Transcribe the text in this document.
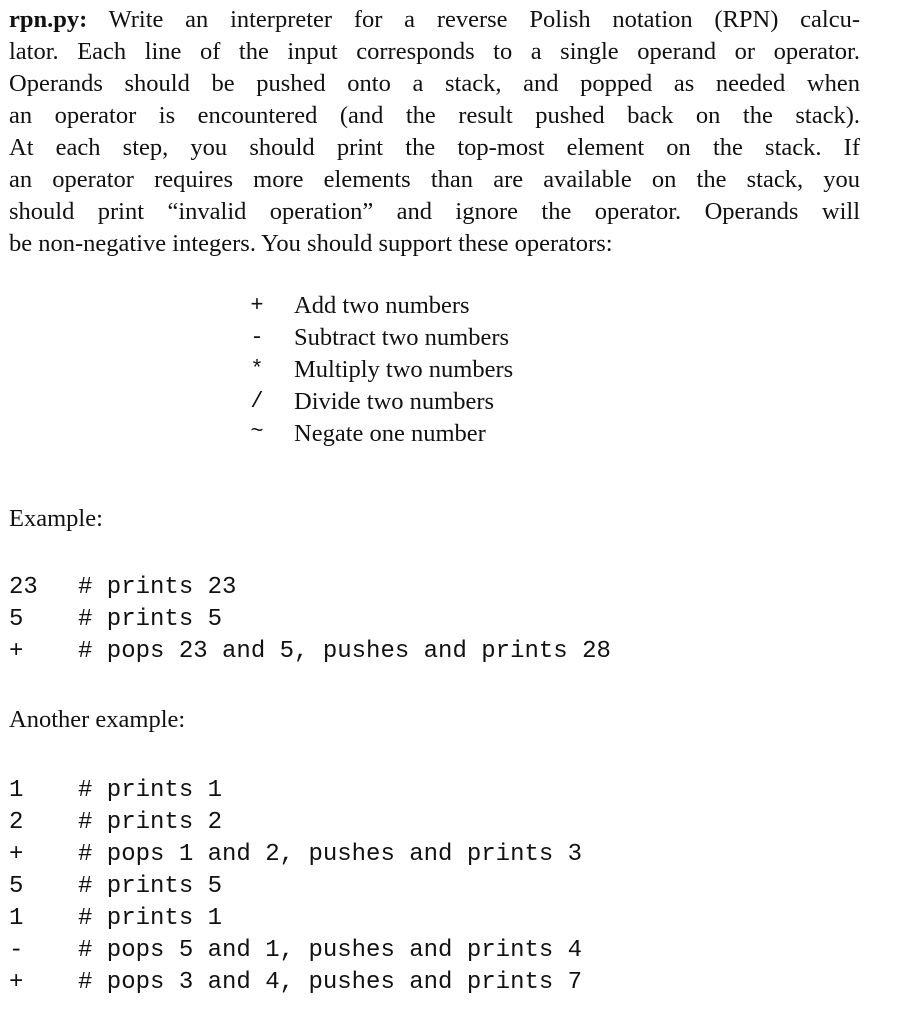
rpn.py: Write an interpreter for a reverse Polish notation (RPN) calcu-
lator. Each line of the input corresponds to a single operand or operator.
Operands should be pushed onto a stack, and popped as needed when
an operator is encountered (and the result pushed back on the stack).
At each step, you should print the top-most element on the stack. If
an operator requires more elements than are available on the stack, you
should print “invalid operation” and ignore the operator. Operands will
be non-negative integers. You should support these operators:
+ Add two numbers
- Subtract two numbers
* Multiply two numbers
/ Divide two numbers
~ Negate one number
Example:
23 # prints 23
5 # prints 5
+ # pops 23 and 5, pushes and prints 28
Another example:
1 # prints 1
2 # prints 2
+ # pops 1 and 2, pushes and prints 3
5 # prints 5
1 # prints 1
- # pops 5 and 1, pushes and prints 4
+ # pops 3 and 4, pushes and prints 7
